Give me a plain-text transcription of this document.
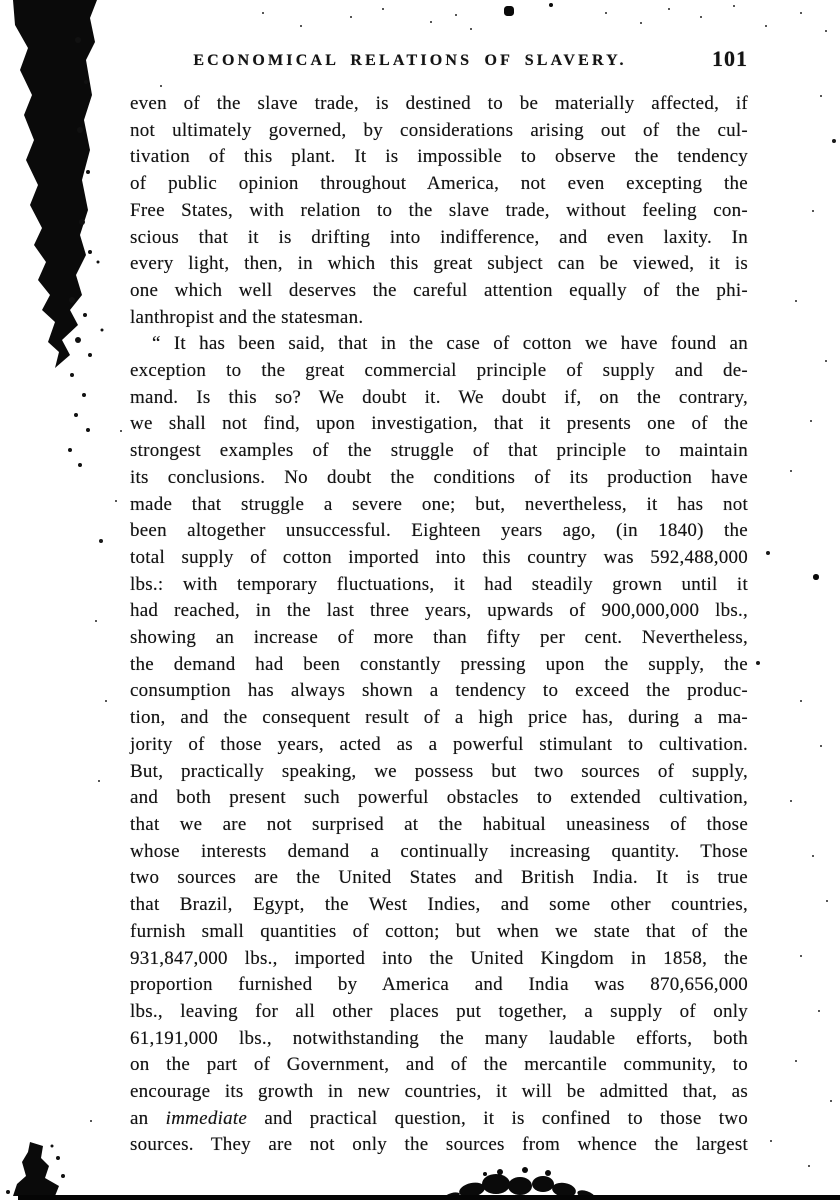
ECONOMICAL RELATIONS OF SLAVERY.	101
even of the slave trade, is destined to be materially affected, if
not ultimately governed, by considerations arising out of the cul-
tivation of this plant. It is impossible to observe the tendency
of public opinion throughout America, not even excepting the
Free States, with relation to the slave trade, without feeling con-
scious that it is drifting into indifference, and even laxity. In
every light, then, in which this great subject can be viewed, it is
one which well deserves the careful attention equally of the phi-
lanthropist and the statesman.
“ It has been said, that in the case of cotton we have found an
exception to the great commercial principle of supply and de-
mand. Is this so? We doubt it. We doubt if, on the contrary,
we shall not find, upon investigation, that it presents one of the
strongest examples of the struggle of that principle to maintain
its conclusions. No doubt the conditions of its production have
made that struggle a severe one; but, nevertheless, it has not
been altogether unsuccessful. Eighteen years ago, (in 1840) the
total supply of cotton imported into this country was 592,488,000
lbs.: with temporary fluctuations, it had steadily grown until it
had reached, in the last three years, upwards of 900,000,000 lbs.,
showing an increase of more than fifty per cent. Nevertheless,
the demand had been constantly pressing upon the supply, the
consumption has always shown a tendency to exceed the produc-
tion, and the consequent result of a high price has, during a ma-
jority of those years, acted as a powerful stimulant to cultivation.
But, practically speaking, we possess but two sources of supply,
and both present such powerful obstacles to extended cultivation,
that we are not surprised at the habitual uneasiness of those
whose interests demand a continually increasing quantity. Those
two sources are the United States and British India. It is true
that Brazil, Egypt, the West Indies, and some other countries,
furnish small quantities of cotton; but when we state that of the
931,847,000 lbs., imported into the United Kingdom in 1858, the
proportion furnished by America and India was 870,656,000
lbs., leaving for all other places put together, a supply of only
61,191,000 lbs., notwithstanding the many laudable efforts, both
on the part of Government, and of the mercantile community, to
encourage its growth in new countries, it will be admitted that, as
an immediate and practical question, it is confined to those two
sources. They are not only the sources from whence the largest
